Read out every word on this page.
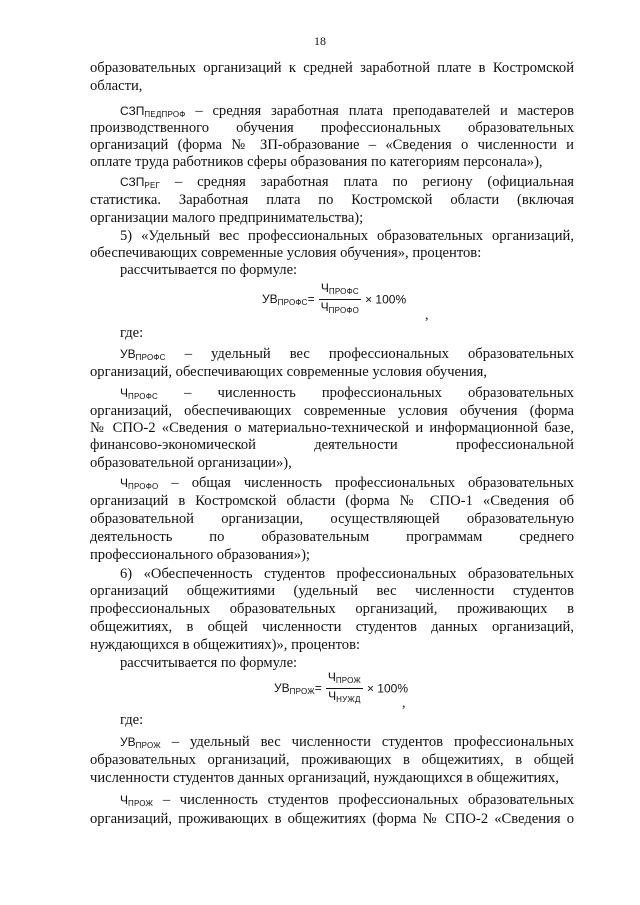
18
образовательных организаций к средней заработной плате в Костромской
области,
$СЗП_{ПЕДПРОФ}$ – средняя заработная плата преподавателей и мастеров
производственного обучения профессиональных образовательных
организаций (форма № ЗП-образование – «Сведения о численности и
оплате труда работников сферы образования по категориям персонала»),
$СЗП_{РЕГ}$ – средняя заработная плата по региону (официальная
статистика. Заработная плата по Костромской области (включая
организации малого предпринимательства);
5) «Удельный вес профессиональных образовательных организаций,
обеспечивающих современные условия обучения», процентов:
рассчитывается по формуле:
$УВ_{ПРОФС}= \frac{Ч_{ПРОФС}}{Ч_{ПРОФО}} \times 100\%$
,
где:
$УВ_{ПРОФС}$ – удельный вес профессиональных образовательных
организаций, обеспечивающих современные условия обучения,
$Ч_{ПРОФС}$ – численность профессиональных образовательных
организаций, обеспечивающих современные условия обучения (форма
№ СПО-2 «Сведения о материально-технической и информационной базе,
финансово-экономической деятельности профессиональной
образовательной организации»),
$Ч_{ПРОФО}$ – общая численность профессиональных образовательных
организаций в Костромской области (форма № СПО-1 «Сведения об
образовательной организации, осуществляющей образовательную
деятельность по образовательным программам среднего
профессионального образования»);
6) «Обеспеченность студентов профессиональных образовательных
организаций общежитиями (удельный вес численности студентов
профессиональных образовательных организаций, проживающих в
общежитиях, в общей численности студентов данных организаций,
нуждающихся в общежитиях)», процентов:
рассчитывается по формуле:
$УВ_{ПРОЖ}= \frac{Ч_{ПРОЖ}}{Ч_{НУЖД}} \times 100\%$
,
где:
$УВ_{ПРОЖ}$ – удельный вес численности студентов профессиональных
образовательных организаций, проживающих в общежитиях, в общей
численности студентов данных организаций, нуждающихся в общежитиях,
$Ч_{ПРОЖ}$ – численность студентов профессиональных образовательных
организаций, проживающих в общежитиях (форма № СПО-2 «Сведения о
